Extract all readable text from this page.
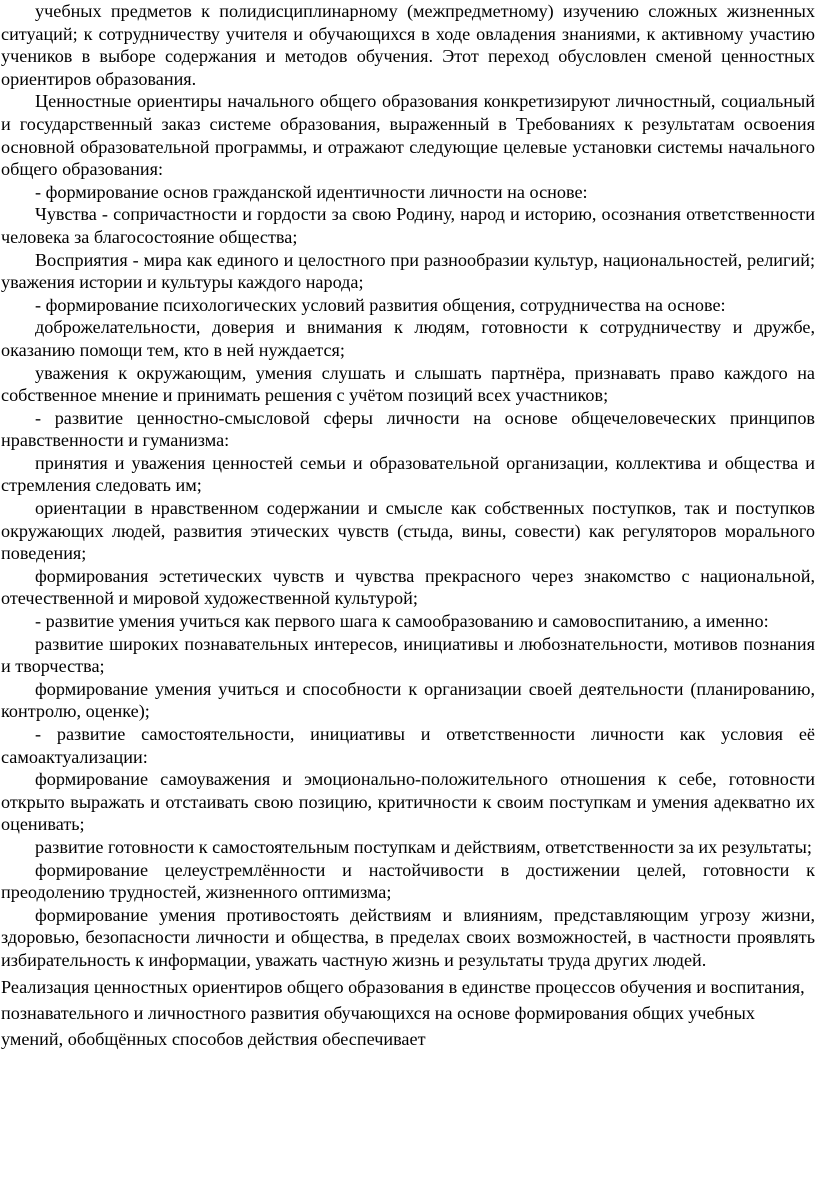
учебных предметов к полидисциплинарному (межпредметному) изучению сложных жизненных ситуаций; к сотрудничеству учителя и обучающихся в ходе овладения знаниями, к активному участию учеников в выборе содержания и методов обучения. Этот переход обусловлен сменой ценностных ориентиров образования.

Ценностные ориентиры начального общего образования конкретизируют личностный, социальный и государственный заказ системе образования, выраженный в Требованиях к результатам освоения основной образовательной программы, и отражают следующие целевые установки системы начального общего образования:

- формирование основ гражданской идентичности личности на основе:

Чувства - сопричастности и гордости за свою Родину, народ и историю, осознания ответственности человека за благосостояние общества;

Восприятия - мира как единого и целостного при разнообразии культур, национальностей, религий; уважения истории и культуры каждого народа;

- формирование психологических условий развития общения, сотрудничества на основе:

доброжелательности, доверия и внимания к людям, готовности к сотрудничеству и дружбе, оказанию помощи тем, кто в ней нуждается;

уважения к окружающим, умения слушать и слышать партнёра, признавать право каждого на собственное мнение и принимать решения с учётом позиций всех участников;

- развитие ценностно-смысловой сферы личности на основе общечеловеческих принципов нравственности и гуманизма:

принятия и уважения ценностей семьи и образовательной организации, коллектива и общества и стремления следовать им;

ориентации в нравственном содержании и смысле как собственных поступков, так и поступков окружающих людей, развития этических чувств (стыда, вины, совести) как регуляторов морального поведения;

формирования эстетических чувств и чувства прекрасного через знакомство с национальной, отечественной и мировой художественной культурой;

- развитие умения учиться как первого шага к самообразованию и самовоспитанию, а именно:

развитие широких познавательных интересов, инициативы и любознательности, мотивов познания и творчества;

формирование умения учиться и способности к организации своей деятельности (планированию, контролю, оценке);

- развитие самостоятельности, инициативы и ответственности личности как условия её самоактуализации:

формирование самоуважения и эмоционально-положительного отношения к себе, готовности открыто выражать и отстаивать свою позицию, критичности к своим поступкам и умения адекватно их оценивать;

развитие готовности к самостоятельным поступкам и действиям, ответственности за их результаты;

формирование целеустремлённости и настойчивости в достижении целей, готовности к преодолению трудностей, жизненного оптимизма;

формирование умения противостоять действиям и влияниям, представляющим угрозу жизни, здоровью, безопасности личности и общества, в пределах своих возможностей, в частности проявлять избирательность к информации, уважать частную жизнь и результаты труда других людей.

Реализация ценностных ориентиров общего образования в единстве процессов обучения и воспитания, познавательного и личностного развития обучающихся на основе формирования общих учебных умений, обобщённых способов действия обеспечивает
